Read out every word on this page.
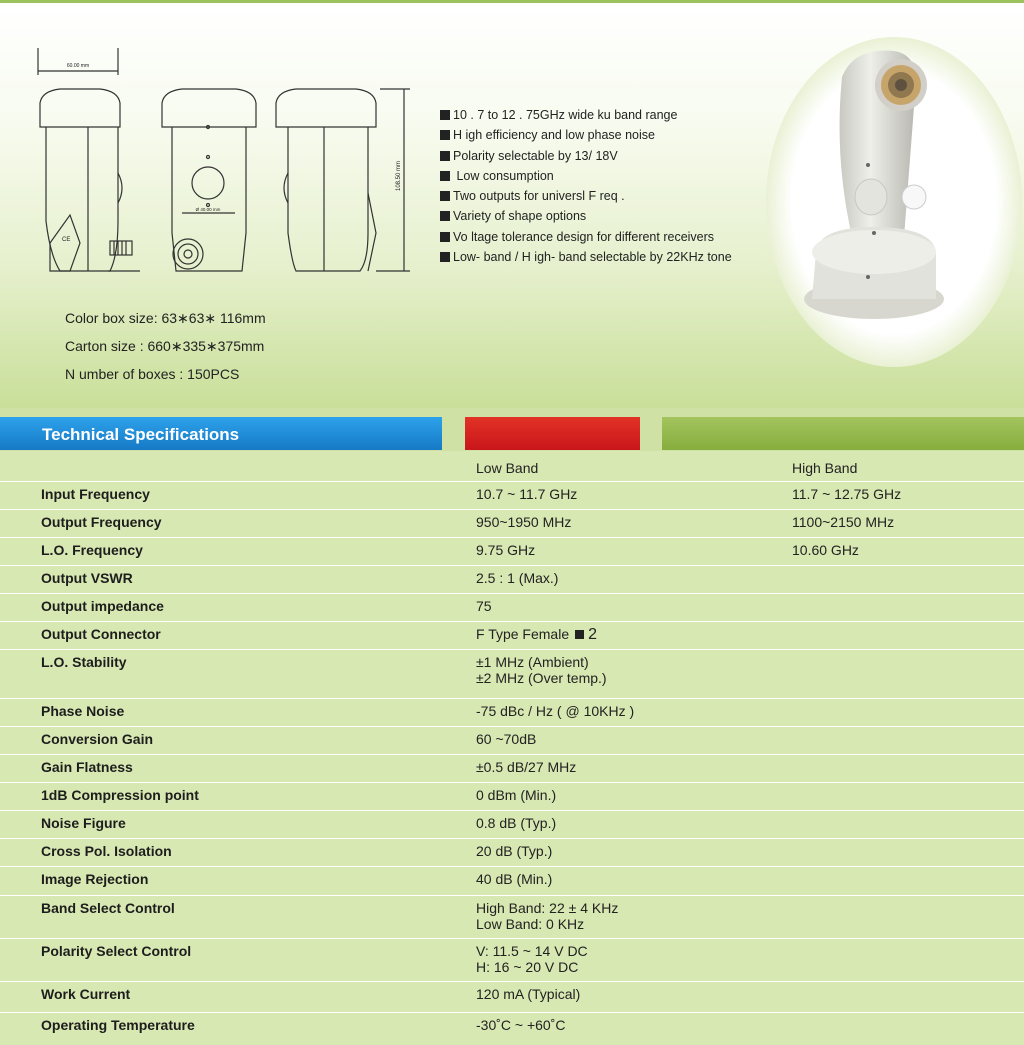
60.00 mm
108.50 mm
Ø 40.00 mm
CE
10 . 7 to 12 . 75GHz wide ku band range
H igh efficiency and low phase noise
Polarity selectable by 13/ 18V
Low consumption
Two outputs for universl F req .
Variety of shape options
Vo ltage tolerance design for different receivers
Low- band / H igh- band selectable by 22KHz tone
Color box size: 63∗63∗ 116mm
Carton size : 660∗335∗375mm
N umber of boxes : 150PCS
Technical Specifications
Low Band	High Band
Input Frequency	10.7 ~ 11.7 GHz	11.7 ~ 12.75 GHz
Output Frequency	950~1950 MHz	1100~2150 MHz
L.O. Frequency	9.75 GHz	10.60 GHz
Output VSWR	2.5 : 1 (Max.)
Output impedance	75
Output Connector	F Type Female 2
L.O. Stability	±1 MHz (Ambient)
±2 MHz (Over temp.)
Phase Noise	-75 dBc / Hz ( @ 10KHz )
Conversion Gain	60 ~70dB
Gain Flatness	±0.5 dB/27 MHz
1dB Compression point	0 dBm (Min.)
Noise Figure	0.8 dB (Typ.)
Cross Pol. Isolation	20 dB (Typ.)
Image Rejection	40 dB (Min.)
Band Select Control	High Band: 22 ± 4 KHz
Low Band: 0 KHz
Polarity Select Control	V: 11.5 ~ 14 V DC
H: 16 ~ 20 V DC
Work Current	120 mA (Typical)
Operating Temperature	-30˚C ~ +60˚C
